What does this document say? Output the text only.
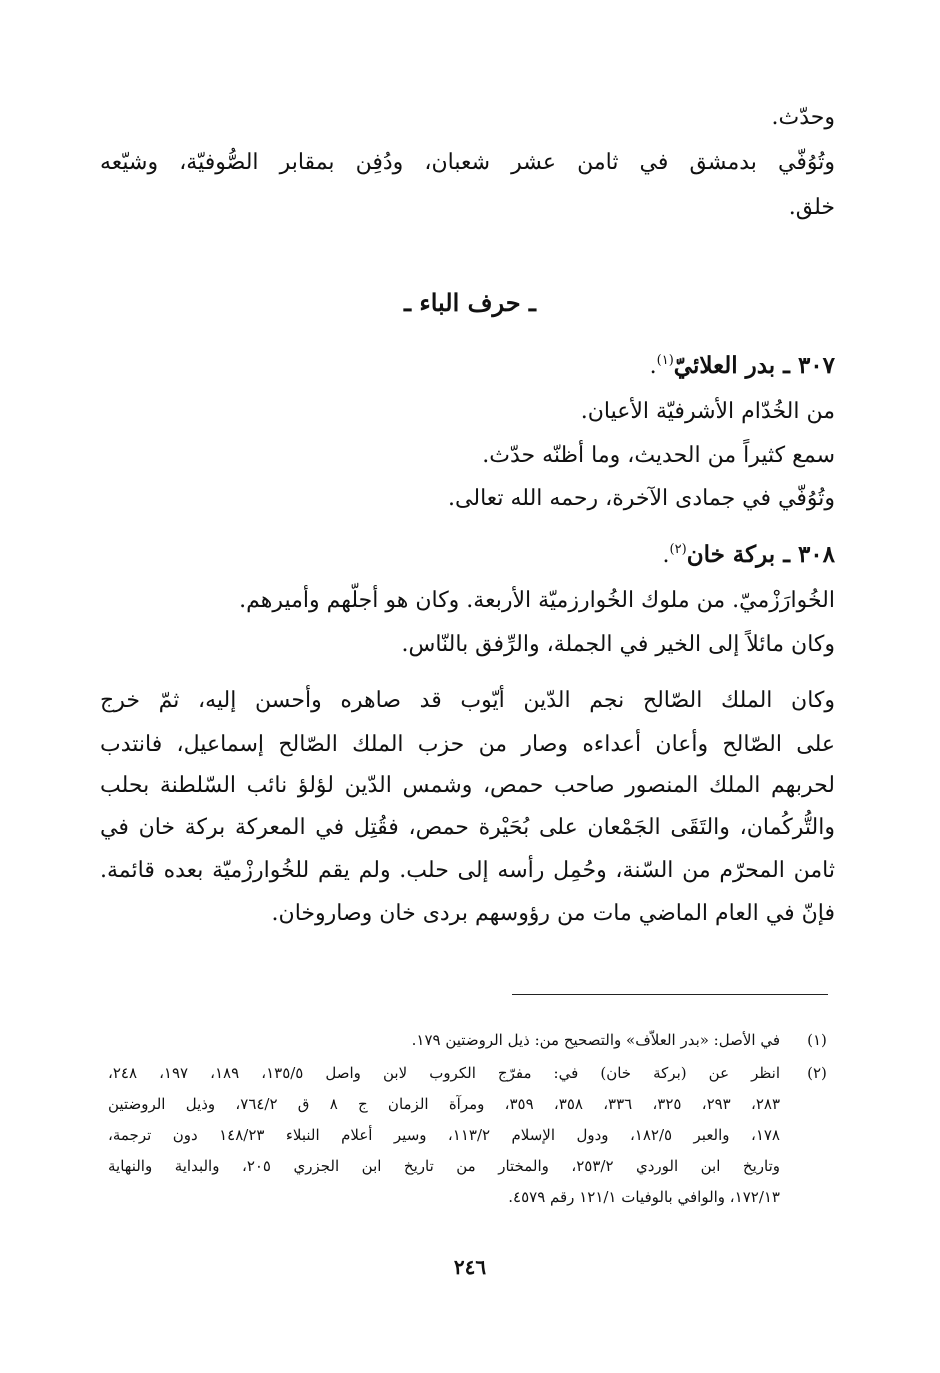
وحدّث.
وتُوُفّي بدمشق في ثامن عشر شعبان، ودُفِن بمقابر الصُّوفيّة، وشيّعه
خلق.
ـ حرف الباء ـ
٣٠٧ ـ بدر العلائيّ$^{(١)}$.
من الخُدّام الأشرفيّة الأعيان.
سمع كثيراً من الحديث، وما أظنّه حدّث.
وتُوُفّي في جمادى الآخرة، رحمه الله تعالى.
٣٠٨ ـ بركة خان$^{(٢)}$.
الخُوارَزْميّ. من ملوك الخُوارزميّة الأربعة. وكان هو أجلّهم وأميرهم.
وكان مائلاً إلى الخير في الجملة، والرِّفق بالنّاس.
وكان الملك الصّالح نجم الدّين أيّوب قد صاهره وأحسن إليه، ثمّ خرج
على الصّالح وأعان أعداءه وصار من حزب الملك الصّالح إسماعيل، فانتدب
لحربهم الملك المنصور صاحب حمص، وشمس الدّين لؤلؤ نائب السّلطنة بحلب
والتُّركُمان، والتَقَى الجَمْعان على بُحَيْرة حمص، فقُتِل في المعركة بركة خان في
ثامن المحرّم من السّنة، وحُمِل رأسه إلى حلب. ولم يقم للخُوارزْميّة بعده قائمة.
فإنّ في العام الماضي مات من رؤوسهم بردى خان وصاروخان.
(١)
في الأصل: «بدر العلاّف» والتصحيح من: ذيل الروضتين ١٧٩.
(٢)
انظر عن (بركة خان) في: مفرّج الكروب لابن واصل ١٣٥/٥، ١٨٩، ١٩٧، ٢٤٨،
٢٨٣، ٢٩٣، ٣٢٥، ٣٣٦، ٣٥٨، ٣٥٩، ومرآة الزمان ج ٨ ق ٧٦٤/٢، وذيل الروضتين
١٧٨، والعبر ١٨٢/٥، ودول الإسلام ١١٣/٢، وسير أعلام النبلاء ١٤٨/٢٣ دون ترجمة،
وتاريخ ابن الوردي ٢٥٣/٢، والمختار من تاريخ ابن الجزري ٢٠٥، والبداية والنهاية
١٧٢/١٣، والوافي بالوفيات ١٢١/١ رقم ٤٥٧٩.
٢٤٦
